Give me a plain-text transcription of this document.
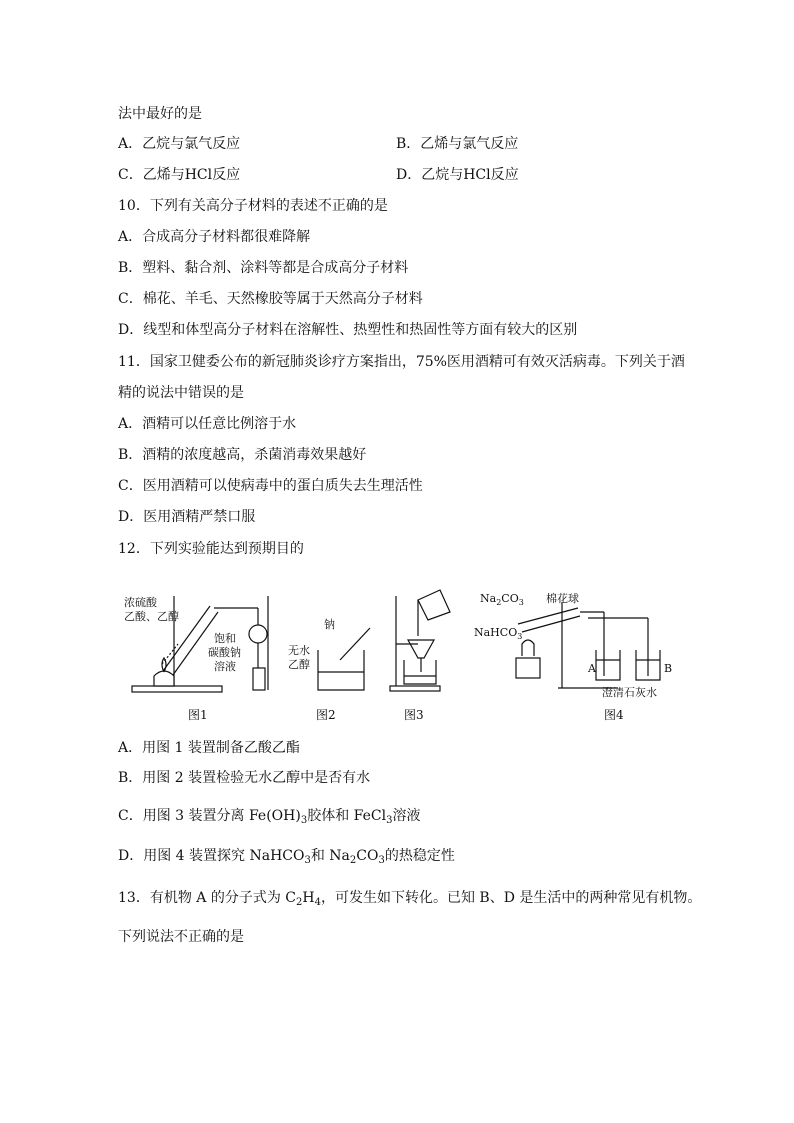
法中最好的是
A．乙烷与氯气反应	B．乙烯与氯气反应
C．乙烯与HCl反应	D．乙烷与HCl反应
10．下列有关高分子材料的表述不正确的是
A．合成高分子材料都很难降解
B．塑料、黏合剂、涂料等都是合成高分子材料
C．棉花、羊毛、天然橡胶等属于天然高分子材料
D．线型和体型高分子材料在溶解性、热塑性和热固性等方面有较大的区别
11．国家卫健委公布的新冠肺炎诊疗方案指出，75%医用酒精可有效灭活病毒。下列关于酒
精的说法中错误的是
A．酒精可以任意比例溶于水
B．酒精的浓度越高，杀菌消毒效果越好
C．医用酒精可以使病毒中的蛋白质失去生理活性
D．医用酒精严禁口服
12．下列实验能达到预期目的
浓硫酸
乙酸、乙醇
饱和
碳酸钠
溶液
钠
无水
乙醇
$Na_2CO_3$ 棉花球
NaHCO$_3$
A	B
澄清石灰水
图1	图2	图3	图4
A．用图 1 装置制备乙酸乙酯
B．用图 2 装置检验无水乙醇中是否有水
C．用图 3 装置分离 $Fe(OH)_3$胶体和 FeCl$_3$溶液
D．用图 4 装置探究 NaHCO$_3$和 $Na_2CO_3$的热稳定性
13．有机物 A 的分子式为 $C_2H_4$，可发生如下转化。已知 B、D 是生活中的两种常见有机物。
下列说法不正确的是
